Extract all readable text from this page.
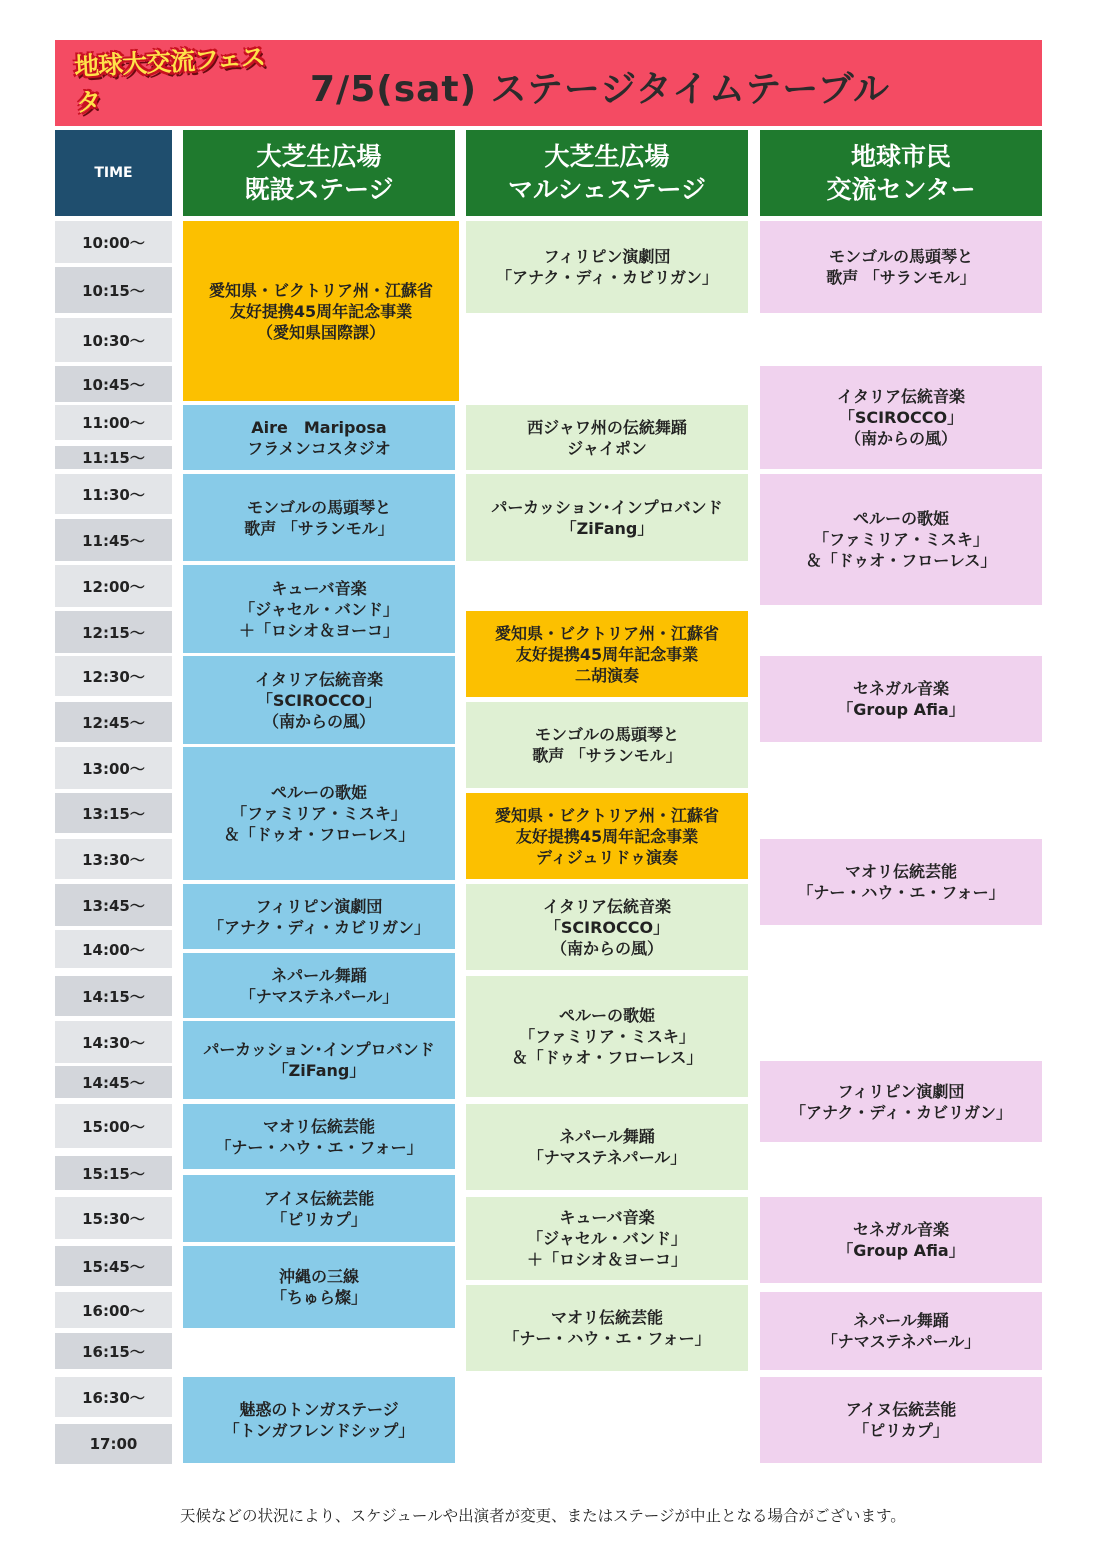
地球大交流フェスタ	7/5(sat) ステージタイムテーブル
TIME
大芝生広場
既設ステージ
大芝生広場
マルシェステージ
地球市民
交流センター
10:00〜
10:15〜
10:30〜
10:45〜
11:00〜
11:15〜
11:30〜
11:45〜
12:00〜
12:15〜
12:30〜
12:45〜
13:00〜
13:15〜
13:30〜
13:45〜
14:00〜
14:15〜
14:30〜
14:45〜
15:00〜
15:15〜
15:30〜
15:45〜
16:00〜
16:15〜
16:30〜
17:00
愛知県・ビクトリア州・江蘇省
友好提携45周年記念事業
（愛知県国際課）
Aire　Mariposa
フラメンコスタジオ
モンゴルの馬頭琴と
歌声 「サランモル」
キューバ音楽
「ジャセル・バンド」
＋「ロシオ＆ヨーコ」
イタリア伝統音楽
「SCIROCCO」
（南からの風）
ペルーの歌姫
「ファミリア・ミスキ」
＆「ドゥオ・フローレス」
フィリピン演劇団
「アナク・ディ・カビリガン」
ネパール舞踊
「ナマステネパール」
パーカッション･インプロバンド
「ZiFang」
マオリ伝統芸能
「ナー・ハウ・エ・フォー」
アイヌ伝統芸能
「ピリカプ」
沖縄の三線
「ちゅら燦」
魅惑のトンガステージ
「トンガフレンドシップ」
フィリピン演劇団
「アナク・ディ・カビリガン」
西ジャワ州の伝統舞踊
ジャイポン
パーカッション･インプロバンド
「ZiFang」
愛知県・ビクトリア州・江蘇省
友好提携45周年記念事業
二胡演奏
モンゴルの馬頭琴と
歌声 「サランモル」
愛知県・ビクトリア州・江蘇省
友好提携45周年記念事業
ディジュリドゥ演奏
イタリア伝統音楽
「SCIROCCO」
（南からの風）
ペルーの歌姫
「ファミリア・ミスキ」
＆「ドゥオ・フローレス」
ネパール舞踊
「ナマステネパール」
キューバ音楽
「ジャセル・バンド」
＋「ロシオ＆ヨーコ」
マオリ伝統芸能
「ナー・ハウ・エ・フォー」
モンゴルの馬頭琴と
歌声 「サランモル」
イタリア伝統音楽
「SCIROCCO」
（南からの風）
ペルーの歌姫
「ファミリア・ミスキ」
＆「ドゥオ・フローレス」
セネガル音楽
「Group Afia」
マオリ伝統芸能
「ナー・ハウ・エ・フォー」
フィリピン演劇団
「アナク・ディ・カビリガン」
セネガル音楽
「Group Afia」
ネパール舞踊
「ナマステネパール」
アイヌ伝統芸能
「ピリカプ」
天候などの状況により、スケジュールや出演者が変更、またはステージが中止となる場合がございます。
